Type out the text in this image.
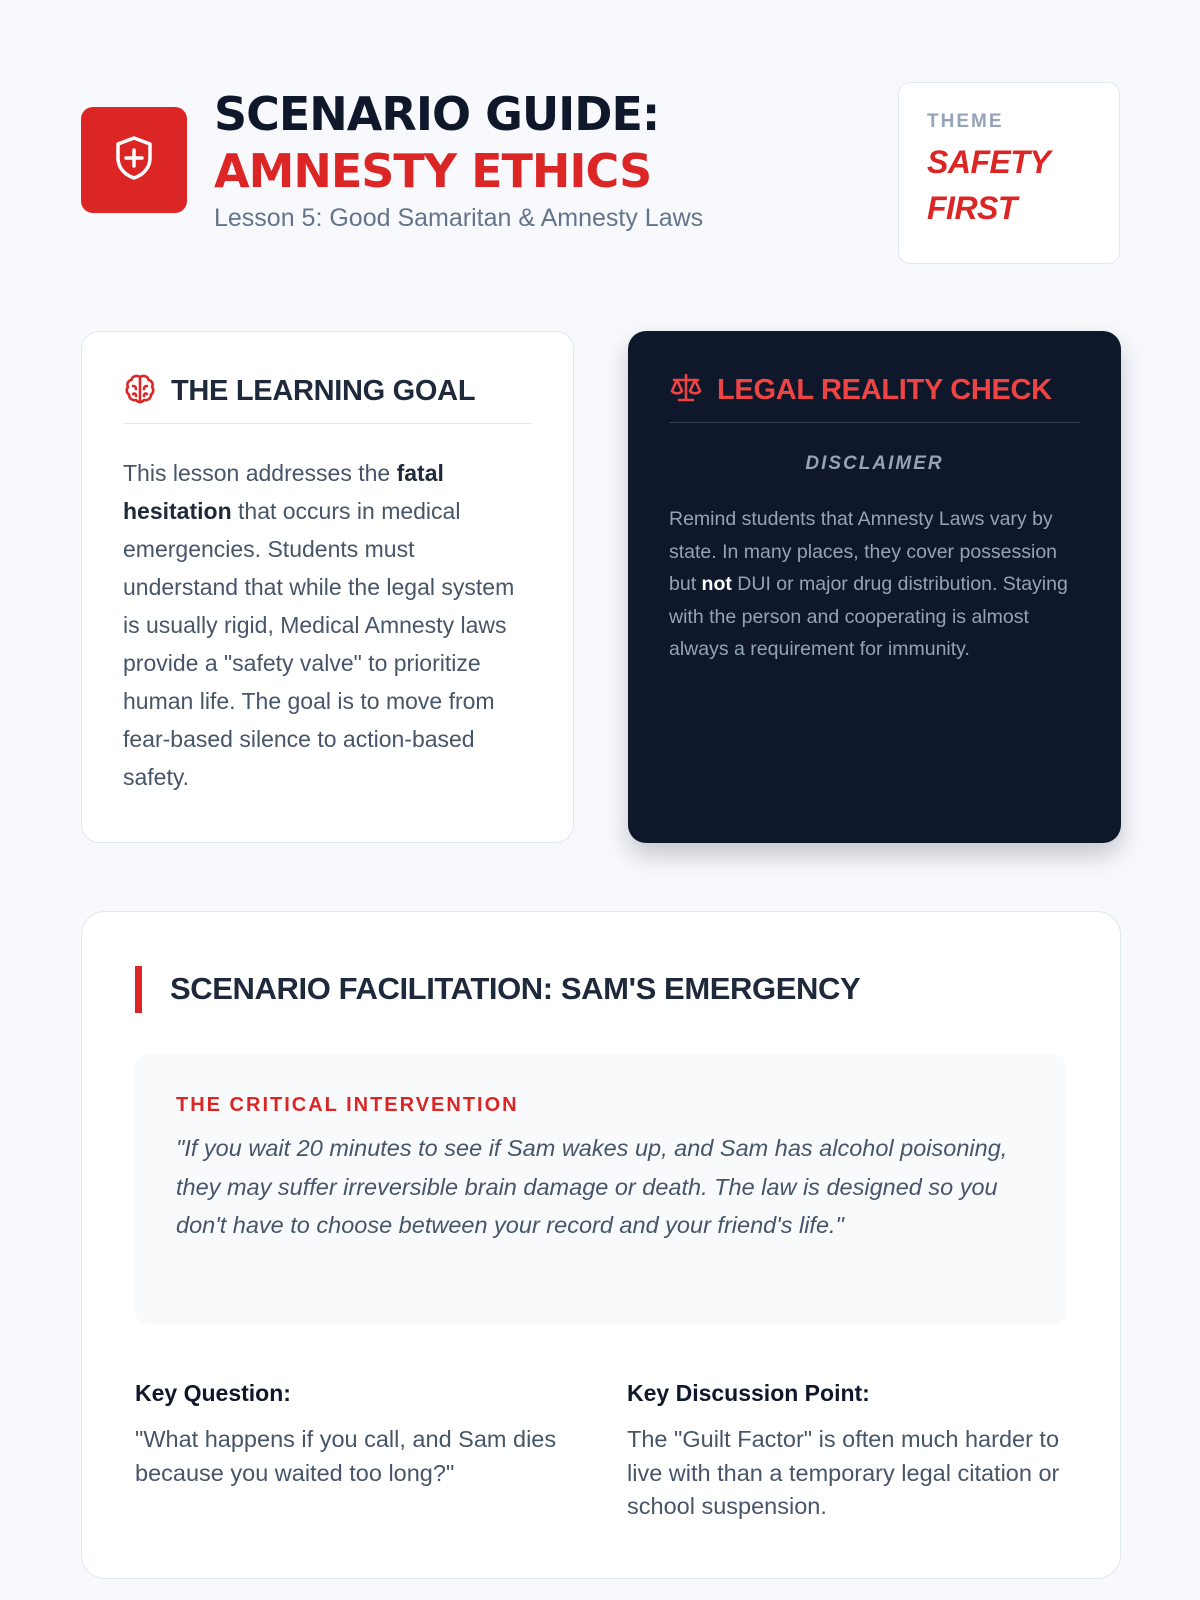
SCENARIO GUIDE:
AMNESTY ETHICS
Lesson 5: Good Samaritan & Amnesty Laws
THEME
SAFETY
FIRST
THE LEARNING GOAL

This lesson addresses the fatal hesitation that occurs in medical emergencies. Students must understand that while the legal system is usually rigid, Medical Amnesty laws provide a "safety valve" to prioritize human life. The goal is to move from fear-based silence to action-based safety.

LEGAL REALITY CHECK
DISCLAIMER

Remind students that Amnesty Laws vary by state. In many places, they cover possession but not DUI or major drug distribution. Staying with the person and cooperating is almost always a requirement for immunity.

SCENARIO FACILITATION: SAM'S EMERGENCY
THE CRITICAL INTERVENTION

"If you wait 20 minutes to see if Sam wakes up, and Sam has alcohol poisoning, they may suffer irreversible brain damage or death. The law is designed so you don't have to choose between your record and your friend's life."

Key Question:

"What happens if you call, and Sam dies because you waited too long?"

Key Discussion Point:

The "Guilt Factor" is often much harder to live with than a temporary legal citation or school suspension.
